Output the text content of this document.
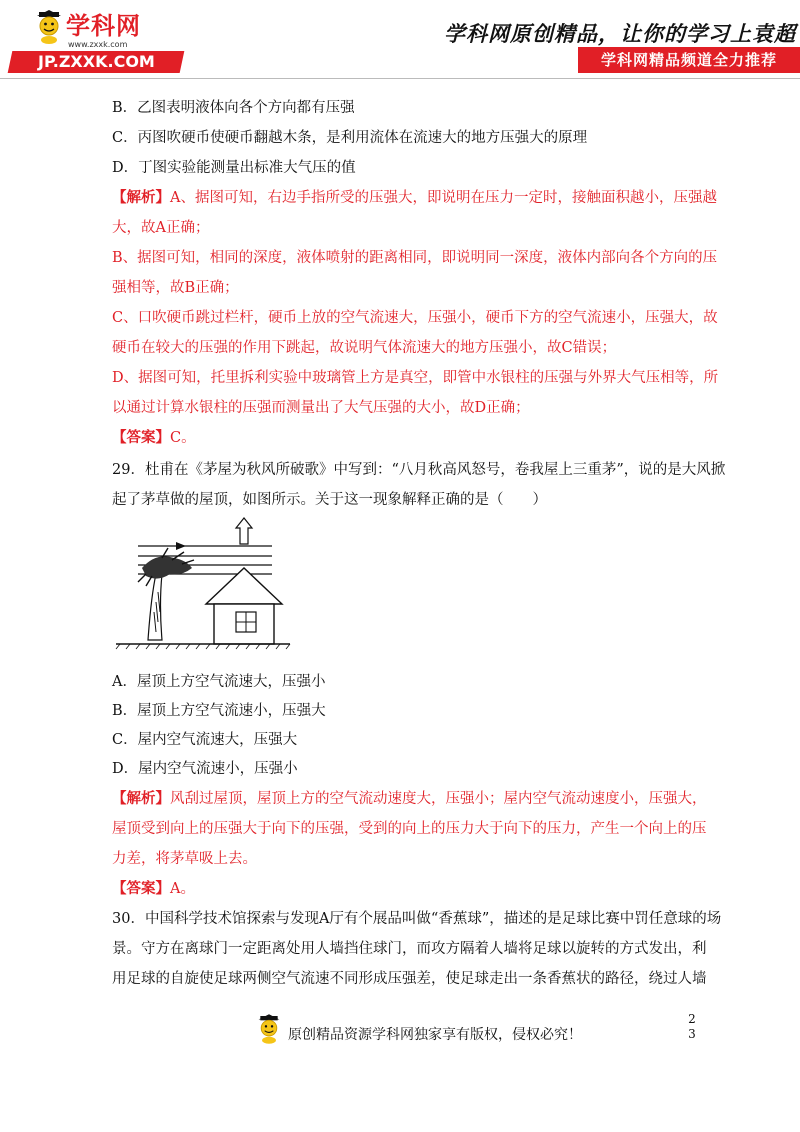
学科网
www.zxxk.com
JP.ZXXK.COM
学科网原创精品，让你的学习上袁超
学科网精品频道全力推荐
B．乙图表明液体向各个方向都有压强
C．丙图吹硬币使硬币翻越木条，是利用流体在流速大的地方压强大的原理
D．丁图实验能测量出标准大气压的值
【解析】A、据图可知，右边手指所受的压强大，即说明在压力一定时，接触面积越小，压强越
大，故A正确；
B、据图可知，相同的深度，液体喷射的距离相同，即说明同一深度，液体内部向各个方向的压
强相等，故B正确；
C、口吹硬币跳过栏杆，硬币上放的空气流速大，压强小，硬币下方的空气流速小，压强大，故
硬币在较大的压强的作用下跳起，故说明气体流速大的地方压强小，故C错误；
D、据图可知，托里拆利实验中玻璃管上方是真空，即管中水银柱的压强与外界大气压相等，所
以通过计算水银柱的压强而测量出了大气压强的大小，故D正确；
【答案】C。
29．杜甫在《茅屋为秋风所破歌》中写到：“八月秋高风怒号，卷我屋上三重茅”，说的是大风掀
起了茅草做的屋顶，如图所示。关于这一现象解释正确的是（　　）
A．屋顶上方空气流速大，压强小
B．屋顶上方空气流速小，压强大
C．屋内空气流速大，压强大
D．屋内空气流速小，压强小
【解析】风刮过屋顶，屋顶上方的空气流动速度大，压强小；屋内空气流动速度小，压强大，
屋顶受到向上的压强大于向下的压强，受到的向上的压力大于向下的压力，产生一个向上的压
力差，将茅草吸上去。
【答案】A。
30．中国科学技术馆探索与发现A厅有个展品叫做“香蕉球”，描述的是足球比赛中罚任意球的场
景。守方在离球门一定距离处用人墙挡住球门，而攻方隔着人墙将足球以旋转的方式发出，利
用足球的自旋使足球两侧空气流速不同形成压强差，使足球走出一条香蕉状的路径，绕过人墙
原创精品资源学科网独家享有版权，侵权必究！
2
3
